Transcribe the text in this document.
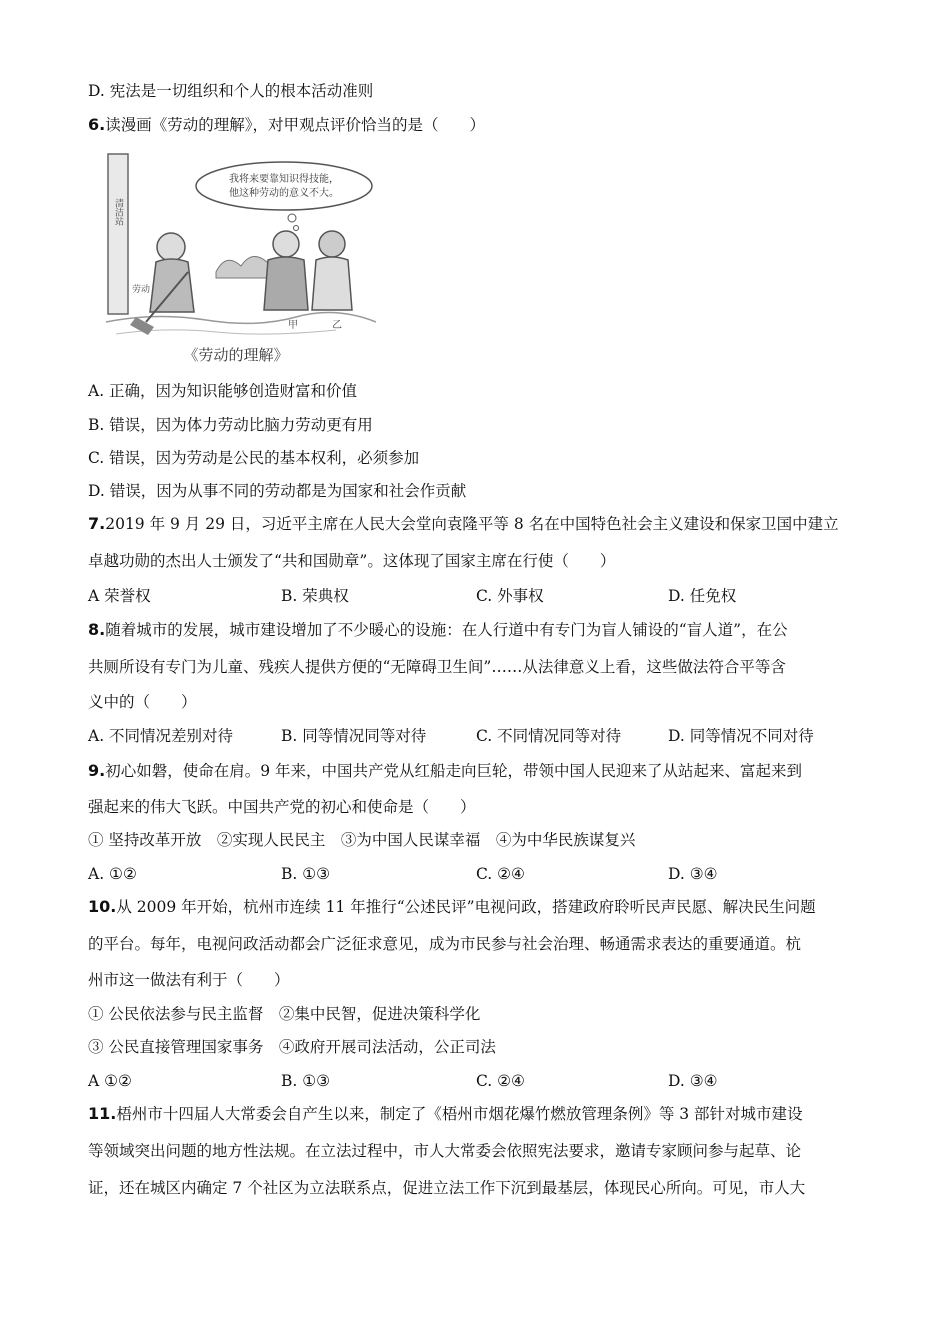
D. 宪法是一切组织和个人的根本活动准则
6.读漫画《劳动的理解》，对甲观点评价恰当的是（　　）
清洁站
劳动
我将来要靠知识得技能，
他这种劳动的意义不大。
甲	乙
《劳动的理解》
A. 正确，因为知识能够创造财富和价值
B. 错误，因为体力劳动比脑力劳动更有用
C. 错误，因为劳动是公民的基本权利，必须参加
D. 错误，因为从事不同的劳动都是为国家和社会作贡献
7.2019 年 9 月 29 日，习近平主席在人民大会堂向袁隆平等 8 名在中国特色社会主义建设和保家卫国中建立
卓越功勋的杰出人士颁发了“共和国勋章”。这体现了国家主席在行使（　　）
A 荣誉权	B. 荣典权	C. 外事权	D. 任免权
8.随着城市的发展，城市建设增加了不少暖心的设施：在人行道中有专门为盲人铺设的“盲人道”，在公
共厕所设有专门为儿童、残疾人提供方便的“无障碍卫生间”……从法律意义上看，这些做法符合平等含
义中的（　　）
A. 不同情况差别对待	B. 同等情况同等对待	C. 不同情况同等对待	D. 同等情况不同对待
9.初心如磐，使命在肩。9 年来，中国共产党从红船走向巨轮，带领中国人民迎来了从站起来、富起来到
强起来的伟大飞跃。中国共产党的初心和使命是（　　）
① 坚持改革开放　②实现人民民主　③为中国人民谋幸福　④为中华民族谋复兴
A. ①②	B. ①③	C. ②④	D. ③④
10.从 2009 年开始，杭州市连续 11 年推行“公述民评”电视问政，搭建政府聆听民声民愿、解决民生问题
的平台。每年，电视问政活动都会广泛征求意见，成为市民参与社会治理、畅通需求表达的重要通道。杭
州市这一做法有利于（　　）
① 公民依法参与民主监督　②集中民智，促进决策科学化
③ 公民直接管理国家事务　④政府开展司法活动，公正司法
A ①②	B. ①③	C. ②④	D. ③④
11.梧州市十四届人大常委会自产生以来，制定了《梧州市烟花爆竹燃放管理条例》等 3 部针对城市建设
等领域突出问题的地方性法规。在立法过程中，市人大常委会依照宪法要求，邀请专家顾问参与起草、论
证，还在城区内确定 7 个社区为立法联系点，促进立法工作下沉到最基层，体现民心所向。可见，市人大
